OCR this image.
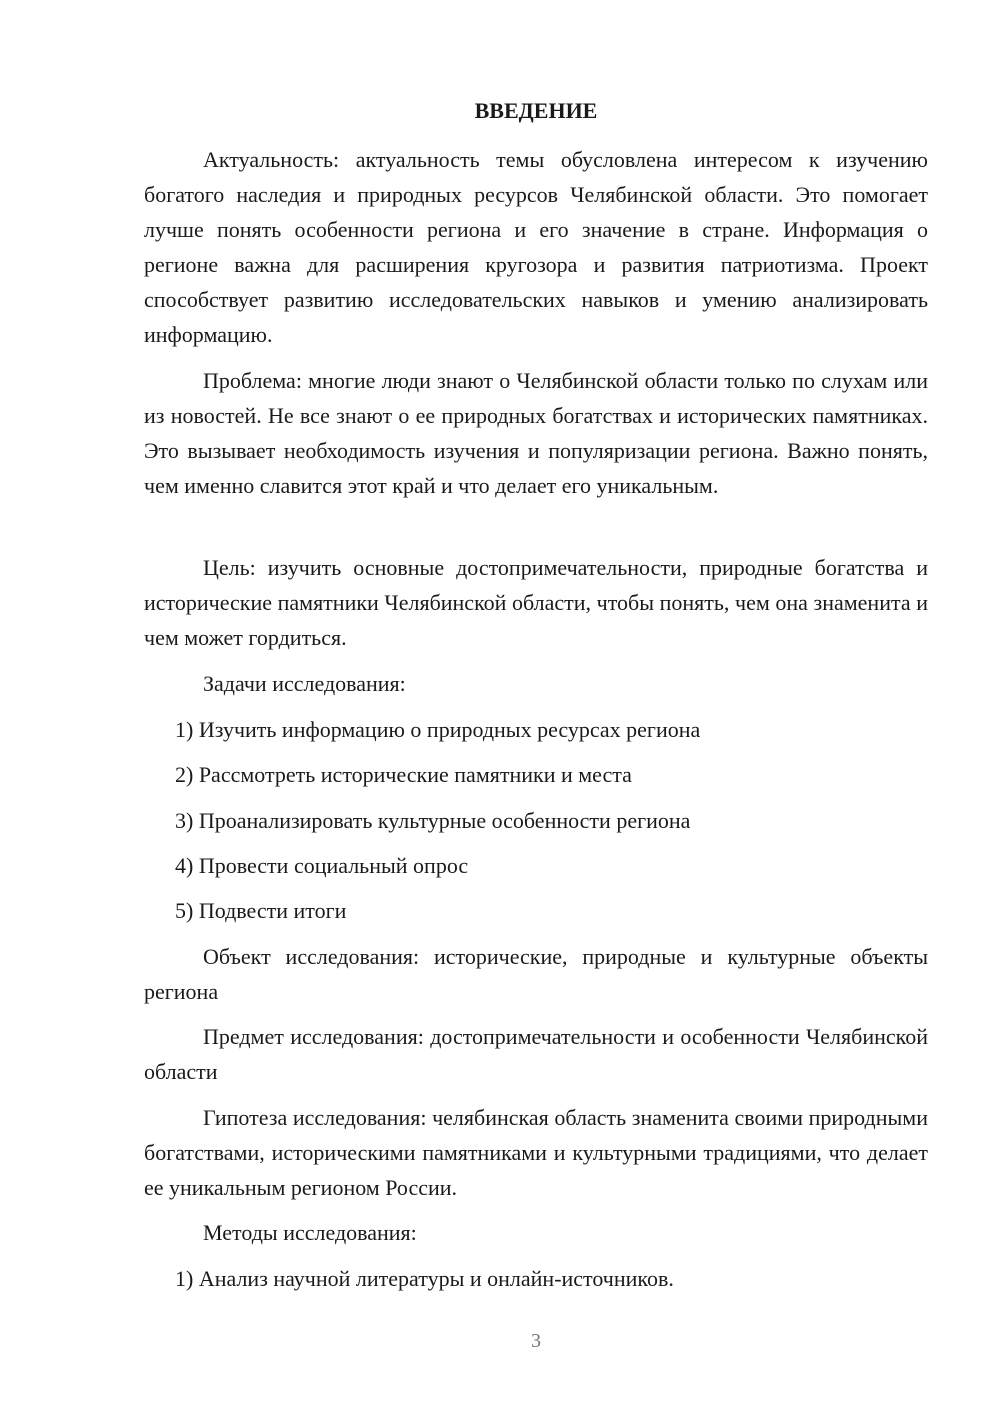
ВВЕДЕНИЕ

Актуальность: актуальность темы обусловлена интересом к изучению богатого наследия и природных ресурсов Челябинской области. Это помогает лучше понять особенности региона и его значение в стране. Информация о регионе важна для расширения кругозора и развития патриотизма. Проект способствует развитию исследовательских навыков и умению анализировать информацию.

Проблема: многие люди знают о Челябинской области только по слухам или из новостей. Не все знают о ее природных богатствах и исторических памятниках. Это вызывает необходимость изучения и популяризации региона. Важно понять, чем именно славится этот край и что делает его уникальным.

Цель: изучить основные достопримечательности, природные богатства и исторические памятники Челябинской области, чтобы понять, чем она знаменита и чем может гордиться.

Задачи исследования:

1) Изучить информацию о природных ресурсах региона
2) Рассмотреть исторические памятники и места
3) Проанализировать культурные особенности региона
4) Провести социальный опрос
5) Подвести итоги

Объект исследования: исторические, природные и культурные объекты региона

Предмет исследования: достопримечательности и особенности Челябинской области

Гипотеза исследования: челябинская область знаменита своими природными богатствами, историческими памятниками и культурными традициями, что делает ее уникальным регионом России.

Методы исследования:

1) Анализ научной литературы и онлайн-источников.
3
